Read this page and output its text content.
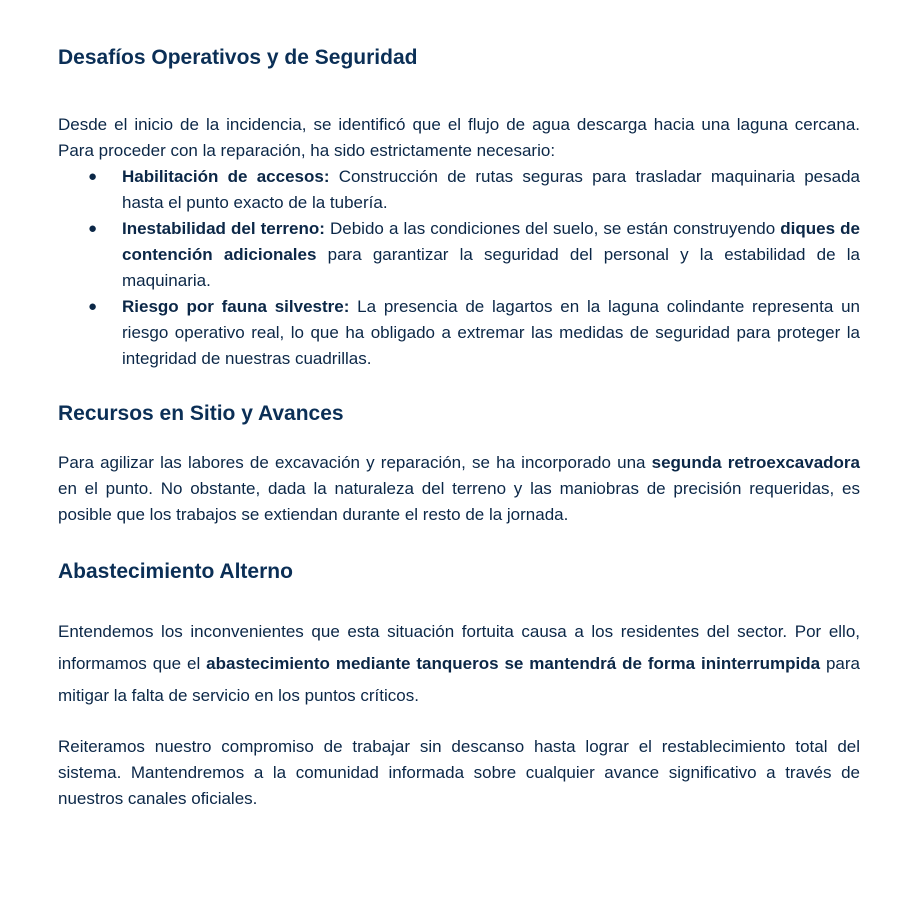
Desafíos Operativos y de Seguridad

Desde el inicio de la incidencia, se identificó que el flujo de agua descarga hacia una laguna cercana. Para proceder con la reparación, ha sido estrictamente necesario:

● Habilitación de accesos: Construcción de rutas seguras para trasladar maquinaria pesada hasta el punto exacto de la tubería.
● Inestabilidad del terreno: Debido a las condiciones del suelo, se están construyendo diques de contención adicionales para garantizar la seguridad del personal y la estabilidad de la maquinaria.
● Riesgo por fauna silvestre: La presencia de lagartos en la laguna colindante representa un riesgo operativo real, lo que ha obligado a extremar las medidas de seguridad para proteger la integridad de nuestras cuadrillas.
Recursos en Sitio y Avances

Para agilizar las labores de excavación y reparación, se ha incorporado una segunda retroexcavadora en el punto. No obstante, dada la naturaleza del terreno y las maniobras de precisión requeridas, es posible que los trabajos se extiendan durante el resto de la jornada.

Abastecimiento Alterno

Entendemos los inconvenientes que esta situación fortuita causa a los residentes del sector. Por ello, informamos que el abastecimiento mediante tanqueros se mantendrá de forma ininterrumpida para mitigar la falta de servicio en los puntos críticos.

Reiteramos nuestro compromiso de trabajar sin descanso hasta lograr el restablecimiento total del sistema. Mantendremos a la comunidad informada sobre cualquier avance significativo a través de nuestros canales oficiales.
